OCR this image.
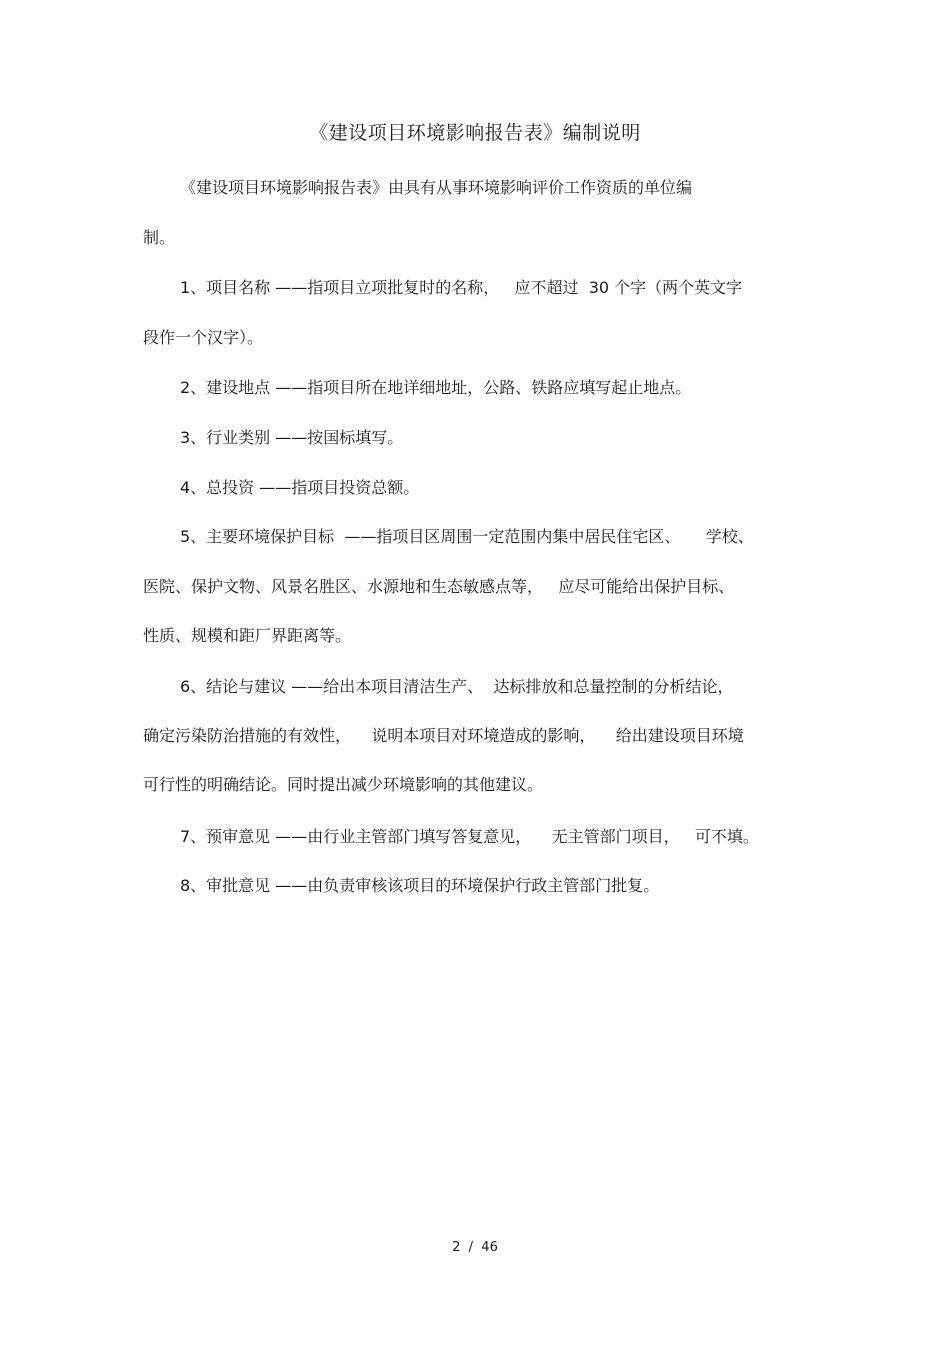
《建设项目环境影响报告表》编制说明
《建设项目环境影响报告表》由具有从事环境影响评价工作资质的单位编
制。
1、项目名称 ——指项目立项批复时的名称，   应不超过  30 个字（两个英文字
段作一个汉字）。
2、建设地点 ——指项目所在地详细地址，公路、铁路应填写起止地点。
3、行业类别 ——按国标填写。
4、总投资 ——指项目投资总额。
5、主要环境保护目标  ——指项目区周围一定范围内集中居民住宅区、     学校、
医院、保护文物、风景名胜区、水源地和生态敏感点等，   应尽可能给出保护目标、
性质、规模和距厂界距离等。
6、结论与建议 ——给出本项目清洁生产、  达标排放和总量控制的分析结论，
确定污染防治措施的有效性，    说明本项目对环境造成的影响，    给出建设项目环境
可行性的明确结论。同时提出减少环境影响的其他建议。
7、预审意见 ——由行业主管部门填写答复意见，    无主管部门项目，   可不填。
8、审批意见 ——由负责审核该项目的环境保护行政主管部门批复。
2  /  46
